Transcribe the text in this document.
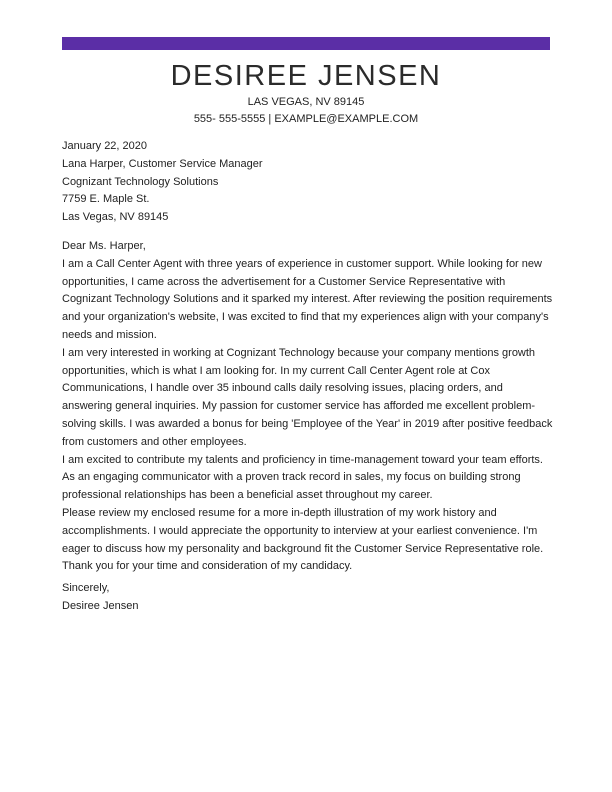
DESIREE JENSEN
LAS VEGAS, NV 89145
555- 555-5555 | EXAMPLE@EXAMPLE.COM

January 22, 2020

Lana Harper, Customer Service Manager

Cognizant Technology Solutions

7759 E. Maple St.

Las Vegas, NV 89145

Dear Ms. Harper,

I am a Call Center Agent with three years of experience in customer support. While looking for new opportunities, I came across the advertisement for a Customer Service Representative with Cognizant Technology Solutions and it sparked my interest. After reviewing the position requirements and your organization's website, I was excited to find that my experiences align with your company's needs and mission.

I am very interested in working at Cognizant Technology because your company mentions growth opportunities, which is what I am looking for. In my current Call Center Agent role at Cox Communications, I handle over 35 inbound calls daily resolving issues, placing orders, and answering general inquiries. My passion for customer service has afforded me excellent problem-solving skills. I was awarded a bonus for being 'Employee of the Year' in 2019 after positive feedback from customers and other employees.

I am excited to contribute my talents and proficiency in time-management toward your team efforts. As an engaging communicator with a proven track record in sales, my focus on building strong professional relationships has been a beneficial asset throughout my career.

Please review my enclosed resume for a more in-depth illustration of my work history and accomplishments. I would appreciate the opportunity to interview at your earliest convenience. I'm eager to discuss how my personality and background fit the Customer Service Representative role.

Thank you for your time and consideration of my candidacy.

Sincerely,

Desiree Jensen
